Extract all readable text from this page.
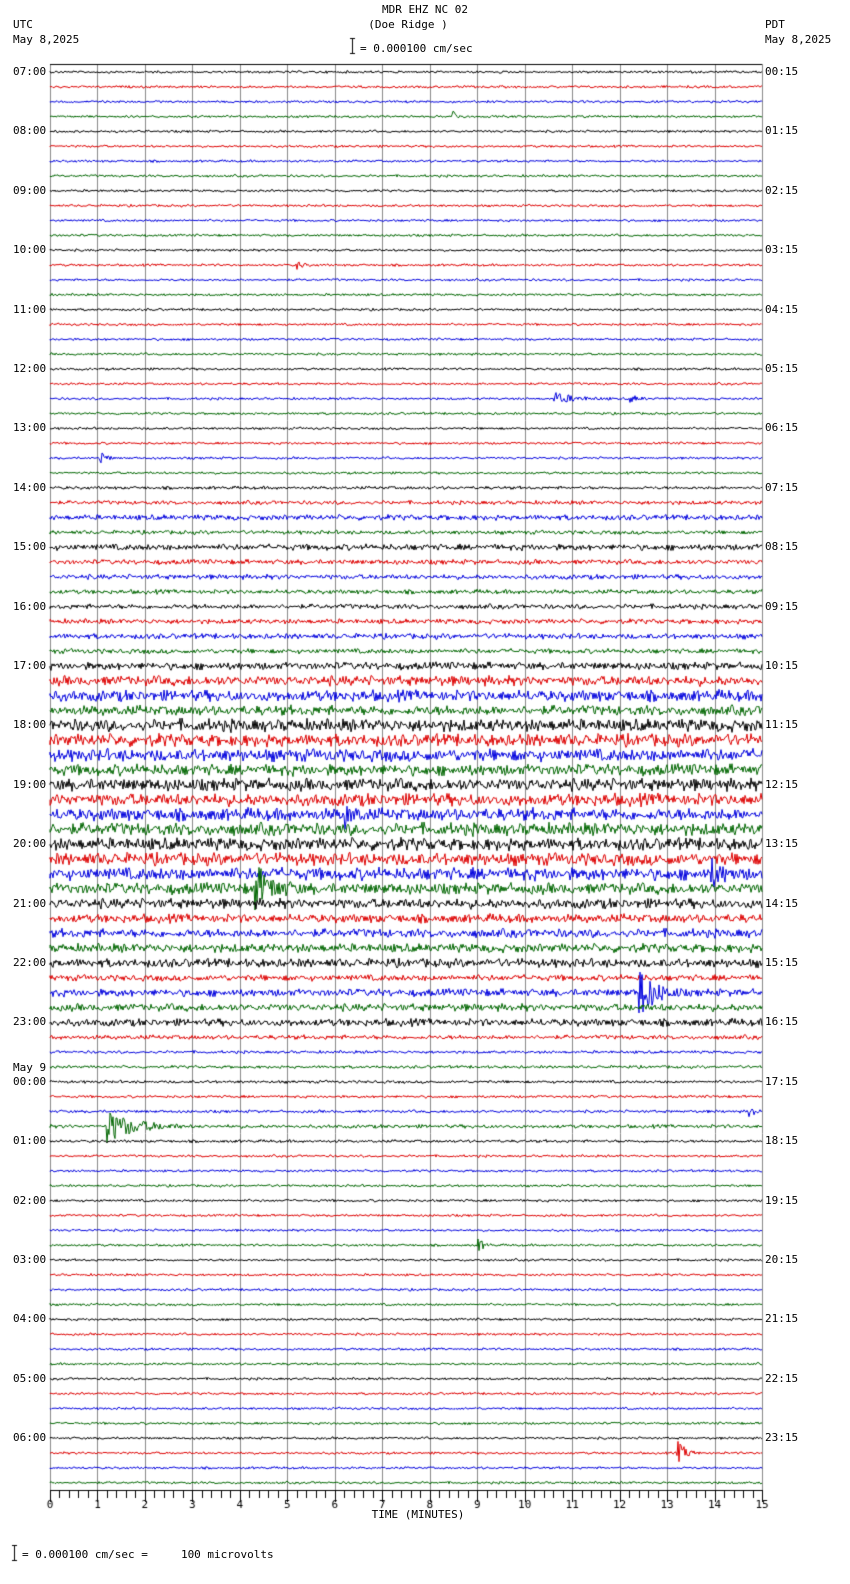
MDR EHZ NC 02
(Doe Ridge )
= 0.000100 cm/sec
UTC
May 8,2025
PDT
May 8,2025
TIME (MINUTES)
= 0.000100 cm/sec =     100 microvolts
07:00
08:00
09:00
10:00
11:00
12:00
13:00
14:00
15:00
16:00
17:00
18:00
19:00
20:00
21:00
22:00
23:00
00:00
May 9
01:00
02:00
03:00
04:00
05:00
06:00
00:15
01:15
02:15
03:15
04:15
05:15
06:15
07:15
08:15
09:15
10:15
11:15
12:15
13:15
14:15
15:15
16:15
17:15
18:15
19:15
20:15
21:15
22:15
23:15
